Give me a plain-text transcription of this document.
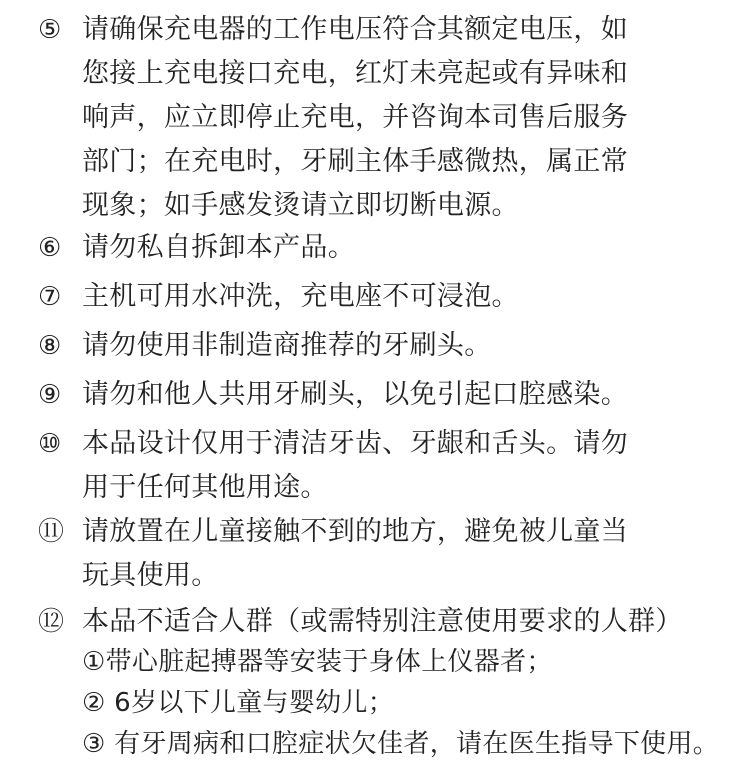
⑤ 请确保充电器的工作电压符合其额定电压，如
您接上充电接口充电，红灯未亮起或有异味和
响声，应立即停止充电，并咨询本司售后服务
部门；在充电时，牙刷主体手感微热，属正常
现象；如手感发烫请立即切断电源。
⑥ 请勿私自拆卸本产品。
⑦ 主机可用水冲洗，充电座不可浸泡。
⑧ 请勿使用非制造商推荐的牙刷头。
⑨ 请勿和他人共用牙刷头，以免引起口腔感染。
⑩ 本品设计仅用于清洁牙齿、牙龈和舌头。请勿
用于任何其他用途。
⑪ 请放置在儿童接触不到的地方，避免被儿童当
玩具使用。
⑫ 本品不适合人群（或需特别注意使用要求的人群）
①带心脏起搏器等安装于身体上仪器者；
② 6岁以下儿童与婴幼儿；
③ 有牙周病和口腔症状欠佳者，请在医生指导下使用。
